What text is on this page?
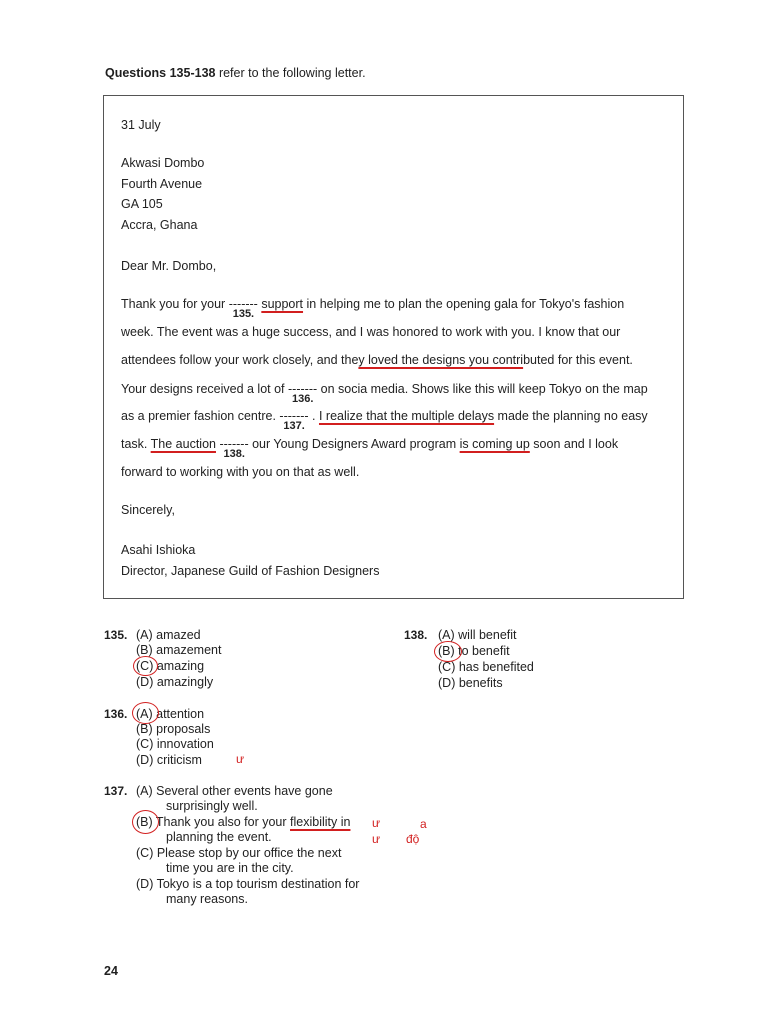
Questions 135-138 refer to the following letter.
31 July
Akwasi Dombo
Fourth Avenue
GA 105
Accra, Ghana
Dear Mr. Dombo,
Thank you for your -------
135.
support in helping me to plan the opening gala for Tokyo's fashion
week. The event was a huge success, and I was honored to work with you. I know that our
attendees follow your work closely, and they loved the designs you contributed for this event.
Your designs received a lot of -------
136.
on socia media. Shows like this will keep Tokyo on the map
as a premier fashion centre. -------
137.
. I realize that the multiple delays made the planning no easy
task. The auction -------
138.
our Young Designers Award program is coming up soon and I look
forward to working with you on that as well.
Sincerely,
Asahi Ishioka
Director, Japanese Guild of Fashion Designers
135. (A) amazed
(B) amazement
(C) amazing
(D) amazingly
136. (A) attention
(B) proposals
(C) innovation
(D) criticism	ư
137. (A) Several other events have gone
surprisingly well.
(B) Thank you also for your flexibility in
planning the event.
(C) Please stop by our office the next
time you are in the city.
(D) Tokyo is a top tourism destination for
many reasons.
ư	a
ư độ
138. (A) will benefit
(B) to benefit
(C) has benefited
(D) benefits
24
